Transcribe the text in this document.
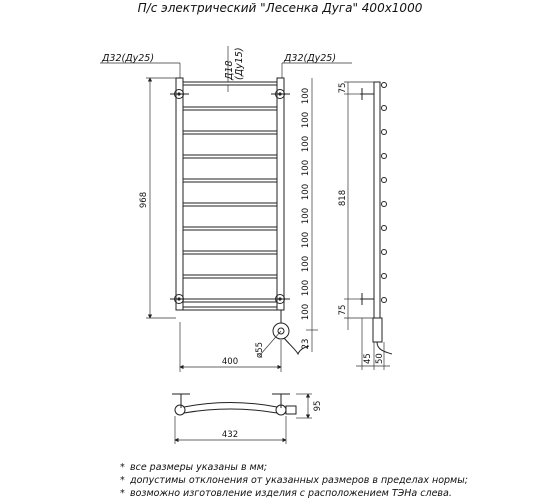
П/с электрический "Лесенка Дуга" 400х1000
Д32(Ду25)	Д32(Ду25)
Д18 (Ду15)
ø55
968
400
100
100
100
100
100
100
100
100
100
100
23
75
818
75
45 50
95
432
* все размеры указаны в мм;
* допустимы отклонения от указанных размеров в пределах нормы;
* возможно изготовление изделия с расположением ТЭНа слева.
